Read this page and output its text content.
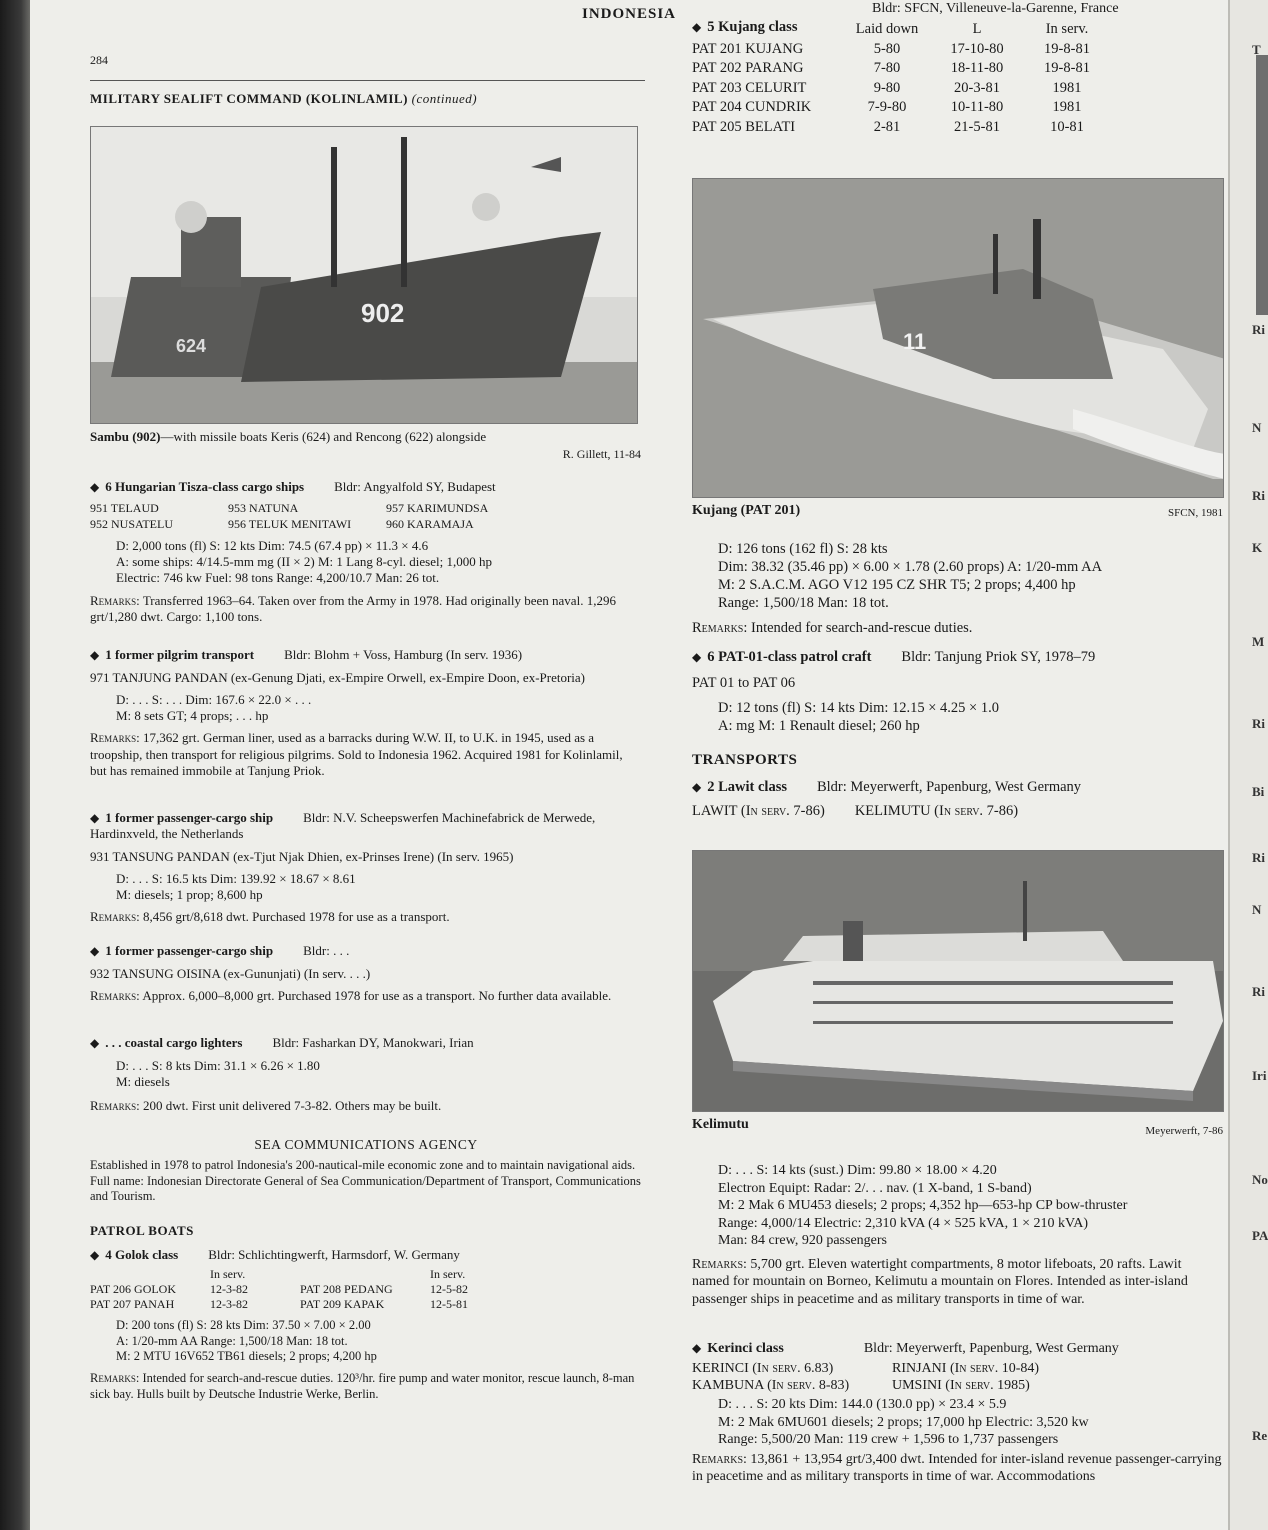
284
MILITARY SEALIFT COMMAND (KOLINLAMIL) (continued)
902
624
Sambu (902)—with missile boats Keris (624) and Rencong (622) alongside
R. Gillett, 11-84
◆ 6 Hungarian Tisza-class cargo ships Bldr: Angyalfold SY, Budapest
951 TELAUD	953 NATUNA	957 KARIMUNDSA
952 NUSATELU	956 TELUK MENITAWI	960 KARAMAJA
D: 2,000 tons (fl) S: 12 kts Dim: 74.5 (67.4 pp) × 11.3 × 4.6
A: some ships: 4/14.5-mm mg (II × 2) M: 1 Lang 8-cyl. diesel; 1,000 hp
Electric: 746 kw Fuel: 98 tons Range: 4,200/10.7 Man: 26 tot.
Remarks: Transferred 1963–64. Taken over from the Army in 1978. Had originally been naval. 1,296 grt/1,280 dwt. Cargo: 1,100 tons.
◆ 1 former pilgrim transport Bldr: Blohm + Voss, Hamburg (In serv. 1936)
971 TANJUNG PANDAN (ex-Genung Djati, ex-Empire Orwell, ex-Empire Doon, ex-Pretoria)
D: . . . S: . . . Dim: 167.6 × 22.0 × . . .
M: 8 sets GT; 4 props; . . . hp
Remarks: 17,362 grt. German liner, used as a barracks during W.W. II, to U.K. in 1945, used as a troopship, then transport for religious pilgrims. Sold to Indonesia 1962. Acquired 1981 for Kolinlamil, but has remained immobile at Tanjung Priok.
◆ 1 former passenger-cargo ship Bldr: N.V. Scheepswerfen Machinefabrick de Merwede, Hardinxveld, the Netherlands
931 TANSUNG PANDAN (ex-Tjut Njak Dhien, ex-Prinses Irene) (In serv. 1965)
D: . . . S: 16.5 kts Dim: 139.92 × 18.67 × 8.61
M: diesels; 1 prop; 8,600 hp
Remarks: 8,456 grt/8,618 dwt. Purchased 1978 for use as a transport.
◆ 1 former passenger-cargo ship Bldr: . . .
932 TANSUNG OISINA (ex-Gununjati) (In serv. . . .)
Remarks: Approx. 6,000–8,000 grt. Purchased 1978 for use as a transport. No further data available.
◆ . . . coastal cargo lighters Bldr: Fasharkan DY, Manokwari, Irian
D: . . . S: 8 kts Dim: 31.1 × 6.26 × 1.80
M: diesels
Remarks: 200 dwt. First unit delivered 7-3-82. Others may be built.
SEA COMMUNICATIONS AGENCY
Established in 1978 to patrol Indonesia's 200-nautical-mile economic zone and to maintain navigational aids. Full name: Indonesian Directorate General of Sea Communication/Department of Transport, Communications and Tourism.
PATROL BOATS
◆ 4 Golok class Bldr: Schlichtingwerft, Harmsdorf, W. Germany
In serv.	In serv.
PAT 206 GOLOK	12-3-82	PAT 208 PEDANG	12-5-82
PAT 207 PANAH	12-3-82	PAT 209 KAPAK	12-5-81
D: 200 tons (fl) S: 28 kts Dim: 37.50 × 7.00 × 2.00
A: 1/20-mm AA Range: 1,500/18 Man: 18 tot.
M: 2 MTU 16V652 TB61 diesels; 2 props; 4,200 hp
Remarks: Intended for search-and-rescue duties. 120³/hr. fire pump and water monitor, rescue launch, 8-man sick bay. Hulls built by Deutsche Industrie Werke, Berlin.
INDONESIA
◆ 5 Kujang class
Bldr: SFCN, Villeneuve-la-Garenne, France
Laid down	L	In serv.
PAT 201 KUJANG	5-80	17-10-80	19-8-81
PAT 202 PARANG	7-80	18-11-80	19-8-81
PAT 203 CELURIT	9-80	20-3-81	1981
PAT 204 CUNDRIK	7-9-80	10-11-80	1981
PAT 205 BELATI	2-81	21-5-81	10-81
11
Kujang (PAT 201)	SFCN, 1981
D: 126 tons (162 fl) S: 28 kts
Dim: 38.32 (35.46 pp) × 6.00 × 1.78 (2.60 props) A: 1/20-mm AA
M: 2 S.A.C.M. AGO V12 195 CZ SHR T5; 2 props; 4,400 hp
Range: 1,500/18 Man: 18 tot.
Remarks: Intended for search-and-rescue duties.
◆ 6 PAT-01-class patrol craft Bldr: Tanjung Priok SY, 1978–79
PAT 01 to PAT 06
D: 12 tons (fl) S: 14 kts Dim: 12.15 × 4.25 × 1.0
A: mg M: 1 Renault diesel; 260 hp
TRANSPORTS
◆ 2 Lawit class Bldr: Meyerwerft, Papenburg, West Germany
LAWIT (In serv. 7-86) KELIMUTU (In serv. 7-86)
Kelimutu	Meyerwerft, 7-86
D: . . . S: 14 kts (sust.) Dim: 99.80 × 18.00 × 4.20
Electron Equipt: Radar: 2/. . . nav. (1 X-band, 1 S-band)
M: 2 Mak 6 MU453 diesels; 2 props; 4,352 hp—653-hp CP bow-thruster
Range: 4,000/14 Electric: 2,310 kVA (4 × 525 kVA, 1 × 210 kVA)
Man: 84 crew, 920 passengers
Remarks: 5,700 grt. Eleven watertight compartments, 8 motor lifeboats, 20 rafts. Lawit named for mountain on Borneo, Kelimutu a mountain on Flores. Intended as inter-island passenger ships in peacetime and as military transports in time of war.
◆ Kerinci class	Bldr: Meyerwerft, Papenburg, West Germany
KERINCI (In serv. 6.83)	RINJANI (In serv. 10-84)
KAMBUNA (In serv. 8-83)	UMSINI (In serv. 1985)
D: . . . S: 20 kts Dim: 144.0 (130.0 pp) × 23.4 × 5.9
M: 2 Mak 6MU601 diesels; 2 props; 17,000 hp Electric: 3,520 kw
Range: 5,500/20 Man: 119 crew + 1,596 to 1,737 passengers
Remarks: 13,861 + 13,954 grt/3,400 dwt. Intended for inter-island revenue passenger-carrying in peacetime and as military transports in time of war. Accommodations
T
Ri
N
Ri
K
M
Ri
Bi
Ri
N
Ri
Iri
No
PA
Re
